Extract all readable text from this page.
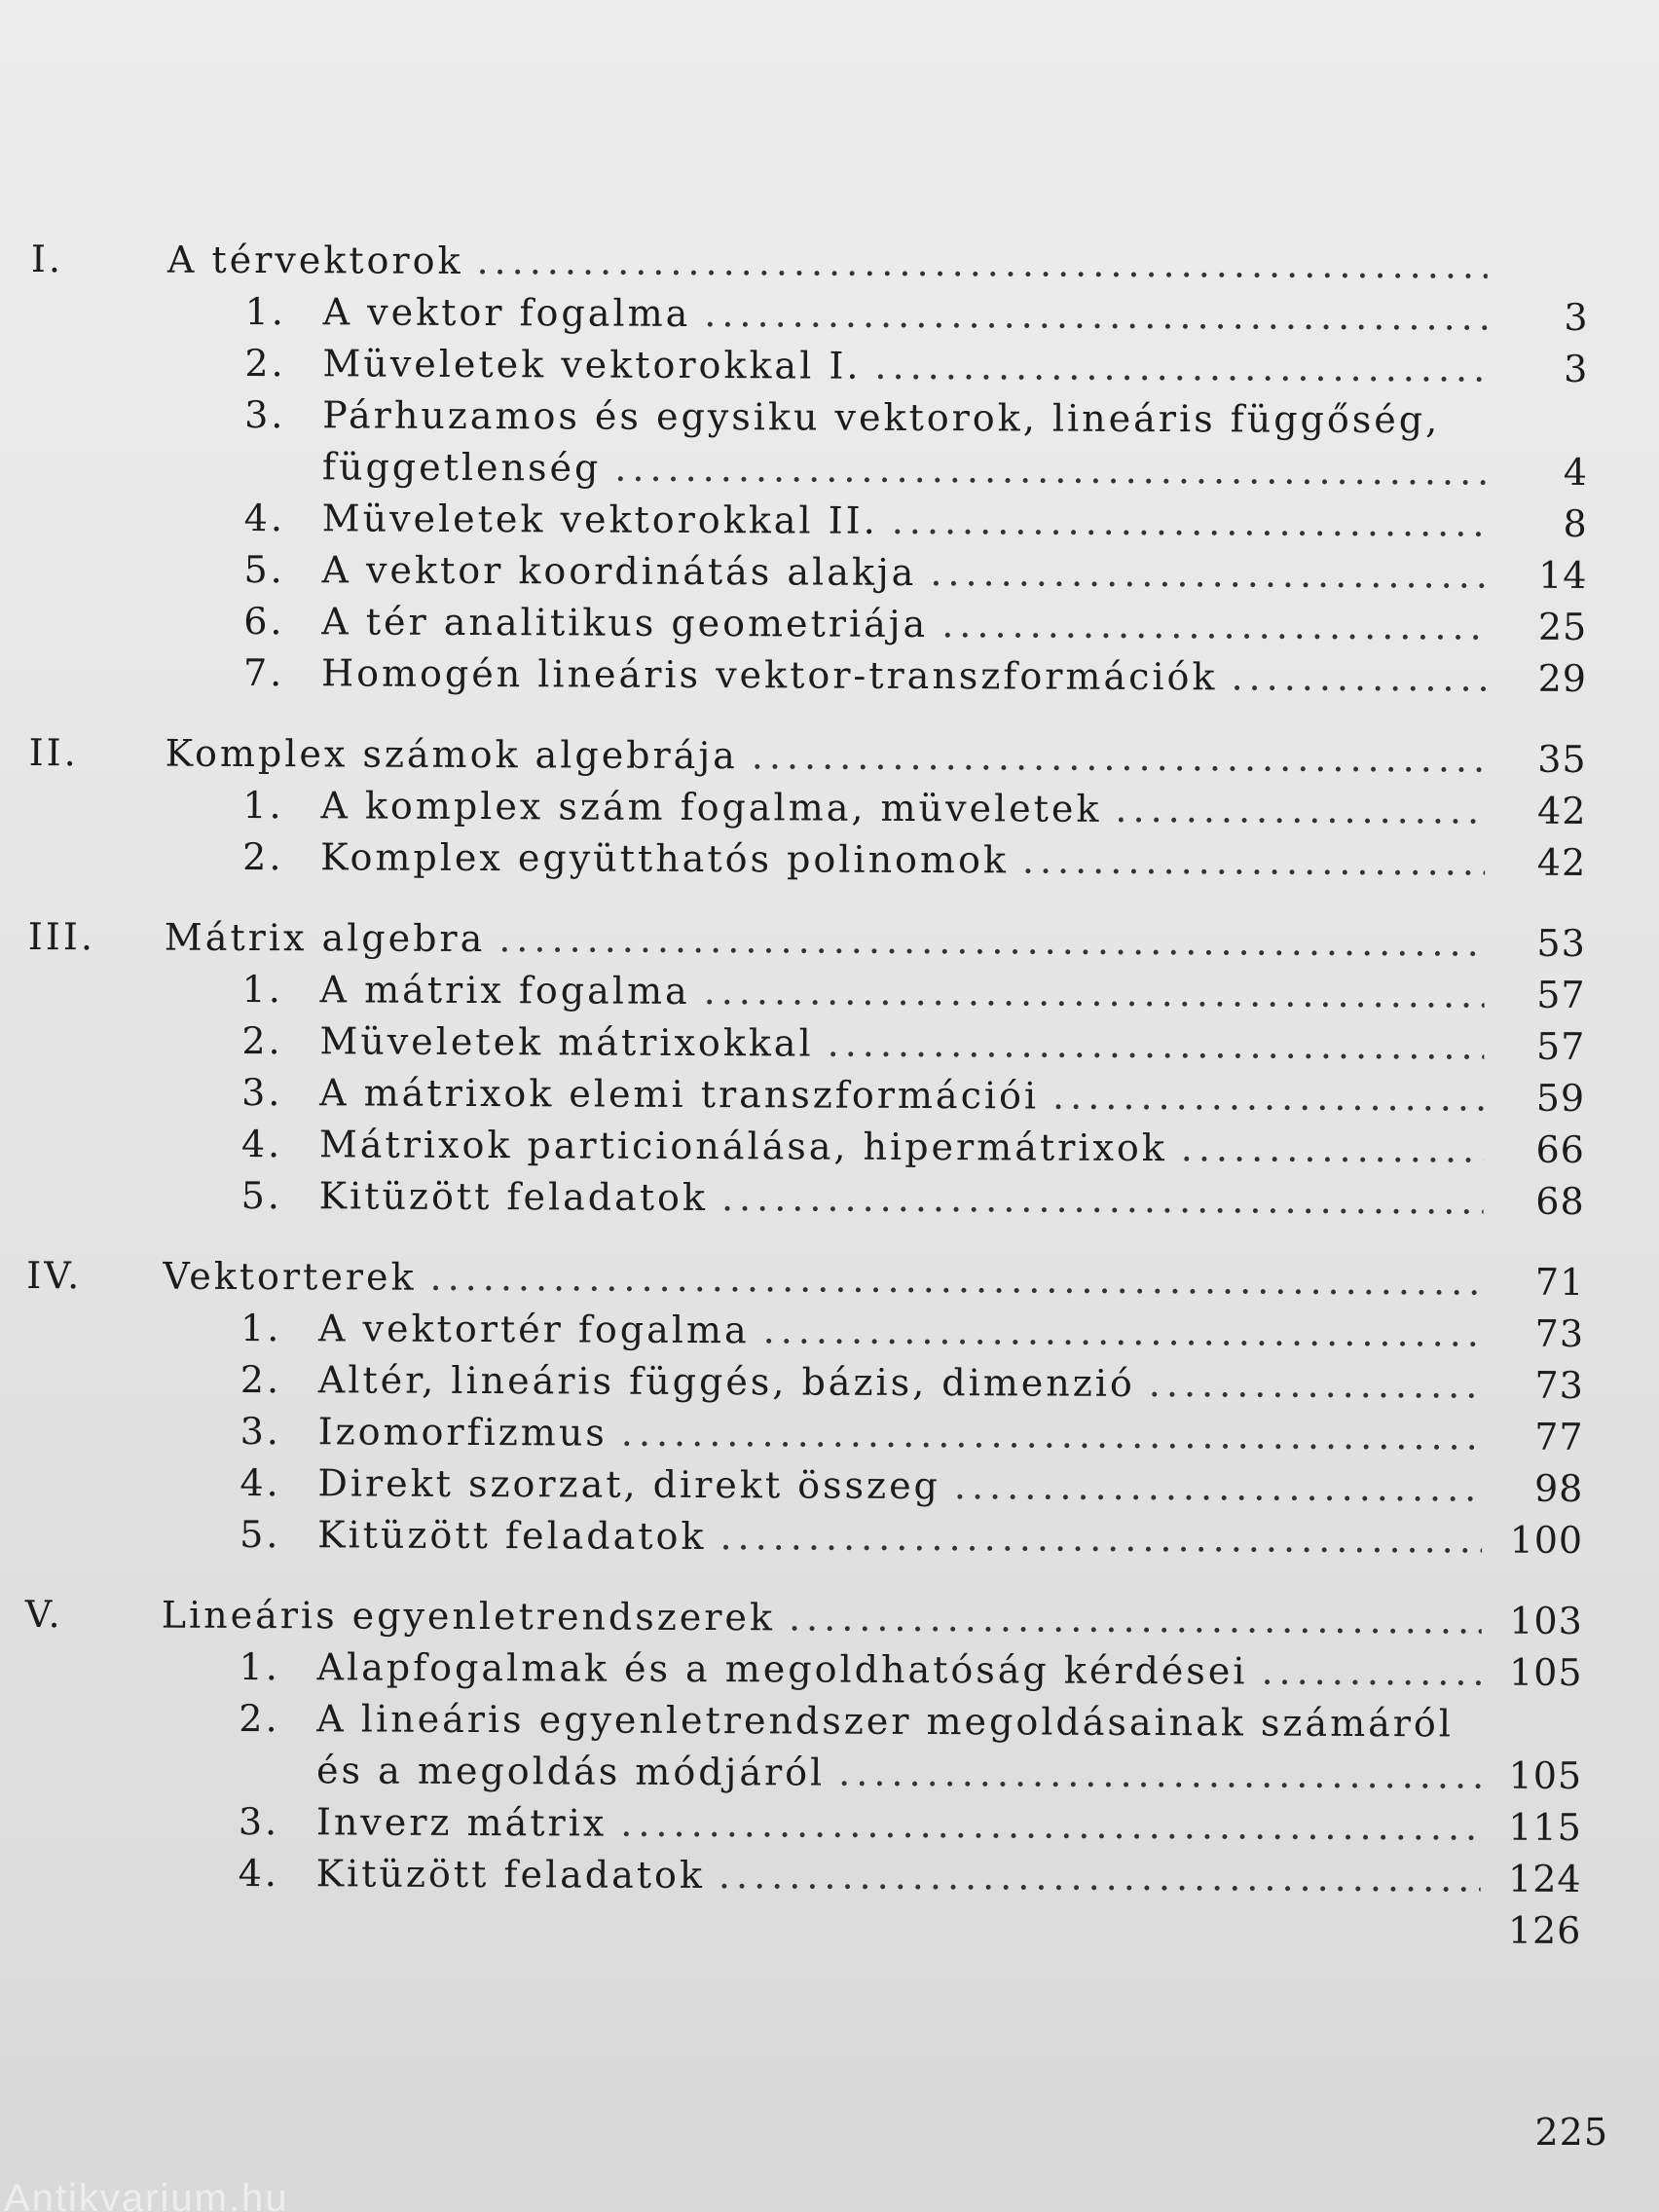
I.	A térvektorok
.....
1. A vektor fogalma .....	3
2. Müveletek vektorokkal I. .....	3
3. Párhuzamos és egysiku vektorok, lineáris függőség,
függetlenség .....	4
4. Müveletek vektorokkal II. .....	8
5. A vektor koordinátás alakja .....	14
6. A tér analitikus geometriája .....	25
7. Homogén lineáris vektor-transzformációk .....	29
II.	Komplex számok algebrája .....	35
1. A komplex szám fogalma, müveletek .....	42
2. Komplex együtthatós polinomok .....	42
III.	Mátrix algebra .....	53
1. A mátrix fogalma .....	57
2. Müveletek mátrixokkal .....	57
3. A mátrixok elemi transzformációi .....	59
4. Mátrixok particionálása, hipermátrixok .....	66
5. Kitüzött feladatok .....	68
IV.	Vektorterek .....	71
1. A vektortér fogalma .....	73
2. Altér, lineáris függés, bázis, dimenzió .....	73
3. Izomorfizmus .....	77
4. Direkt szorzat, direkt összeg .....	98
5. Kitüzött feladatok .....	100
V.	Lineáris egyenletrendszerek .....	103
1. Alapfogalmak és a megoldhatóság kérdései .....	105
2. A lineáris egyenletrendszer megoldásainak számáról
és a megoldás módjáról .....	105
3. Inverz mátrix .....	115
4. Kitüzött feladatok .....	124
126
225
Antikvarium.hu
